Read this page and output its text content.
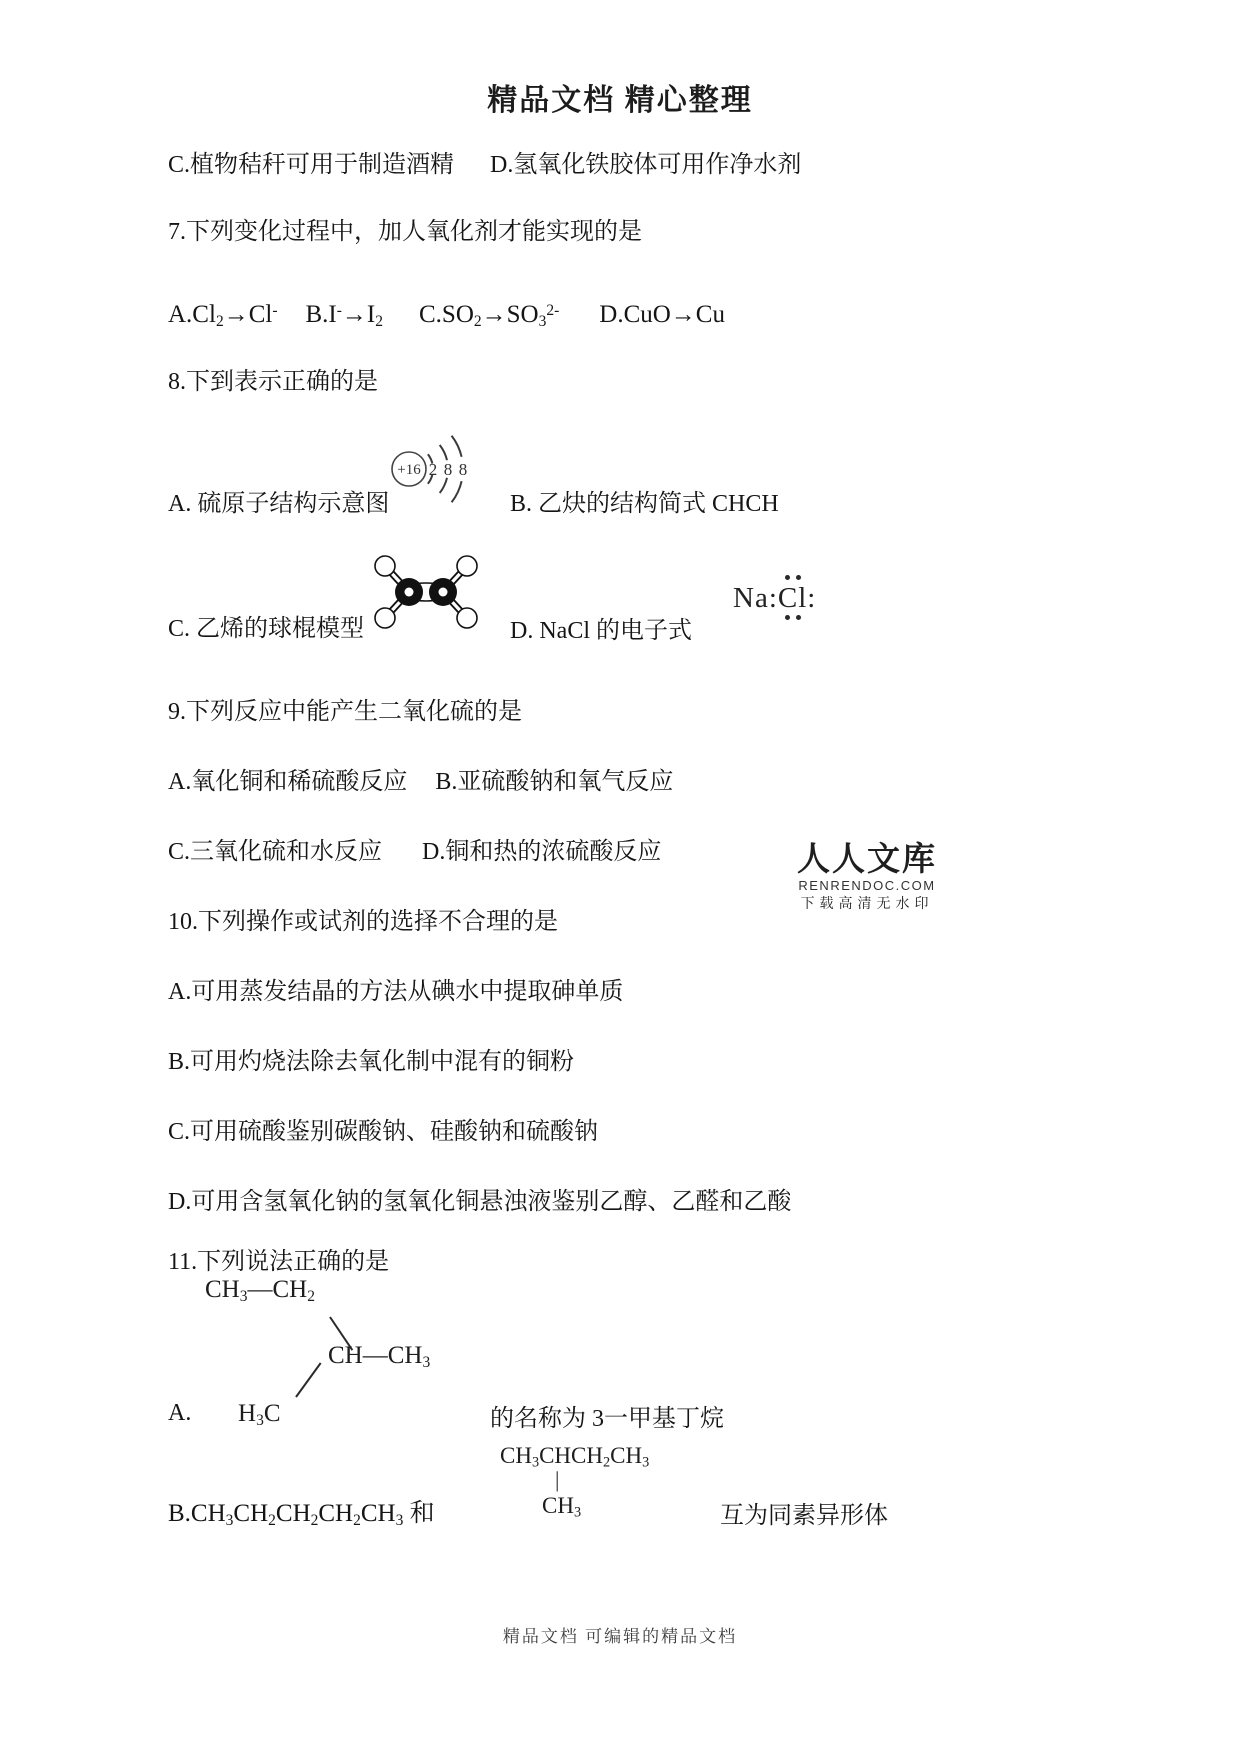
精品文档 精心整理
C.植物秸秆可用于制造酒精 D.氢氧化铁胶体可用作净水剂
7.下列变化过程中，加人氧化剂才能实现的是
$A.Cl_2\to Cl^-$ $B.I^-\to I_2$ $C.SO_2\to SO_3^{2-}$ D.CuO→Cu
8.下到表示正确的是
A. 硫原子结构示意图
+16 2 8 8
B. 乙炔的结构简式 CHCH
C. 乙烯的球棍模型	D. NaCl 的电子式
Na:
Cl
:
9.下列反应中能产生二氧化硫的是
A.氧化铜和稀硫酸反应 B.亚硫酸钠和氧气反应
C.三氧化硫和水反应 D.铜和热的浓硫酸反应	人人文库
RENRENDOC.COM
下载高清无水印
10.下列操作或试剂的选择不合理的是
A.可用蒸发结晶的方法从碘水中提取砷单质
B.可用灼烧法除去氧化制中混有的铜粉
C.可用硫酸鉴别碳酸钠、硅酸钠和硫酸钠
D.可用含氢氧化钠的氢氧化铜悬浊液鉴别乙醇、乙醛和乙酸
11.下列说法正确的是
A.
$CH_3—CH_2$
$CH—CH_3$
$H_3C$	的名称为 3一甲基丁烷
$B.CH_3CH_2CH_2CH_2CH_3$ 和
$CH_3CHCH_2CH_3$
|
$CH_3$	互为同素异形体
精品文档 可编辑的精品文档
